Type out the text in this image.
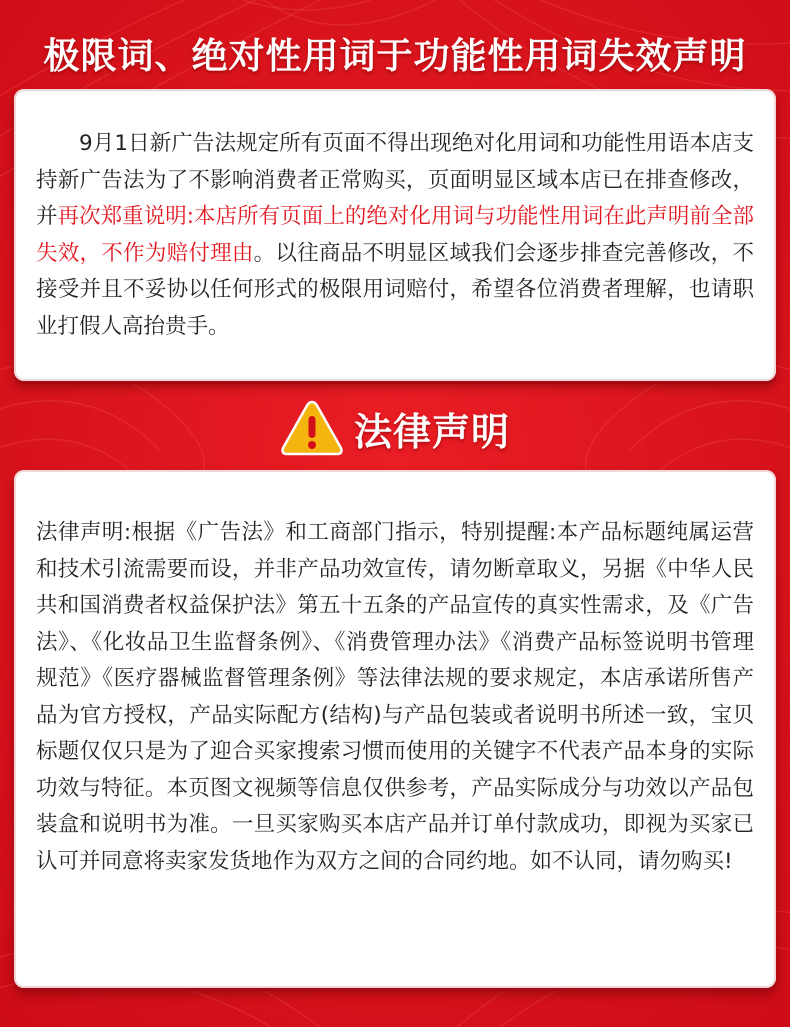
极限词、绝对性用词于功能性用词失效声明

9月1日新广告法规定所有页面不得出现绝对化用词和功能性用语本店支持新广告法为了不影响消费者正常购买，页面明显区域本店已在排查修改，并再次郑重说明:本店所有页面上的绝对化用词与功能性用词在此声明前全部失效，不作为赔付理由。以往商品不明显区域我们会逐步排查完善修改，不接受并且不妥协以任何形式的极限用词赔付，希望各位消费者理解，也请职业打假人高抬贵手。

法律声明

法律声明:根据《广告法》和工商部门指示，特别提醒:本产品标题纯属运营和技术引流需要而设，并非产品功效宣传，请勿断章取义，另据《中华人民共和国消费者权益保护法》第五十五条的产品宣传的真实性需求，及《广告法》、《化妆品卫生监督条例》、《消费管理办法》《消费产品标签说明书管理规范》《医疗器械监督管理条例》等法律法规的要求规定，本店承诺所售产品为官方授权，产品实际配方(结构)与产品包装或者说明书所述一致，宝贝标题仅仅只是为了迎合买家搜索习惯而使用的关键字不代表产品本身的实际功效与特征。本页图文视频等信息仅供参考，产品实际成分与功效以产品包装盒和说明书为准。一旦买家购买本店产品并订单付款成功，即视为买家已认可并同意将卖家发货地作为双方之间的合同约地。如不认同，请勿购买!
